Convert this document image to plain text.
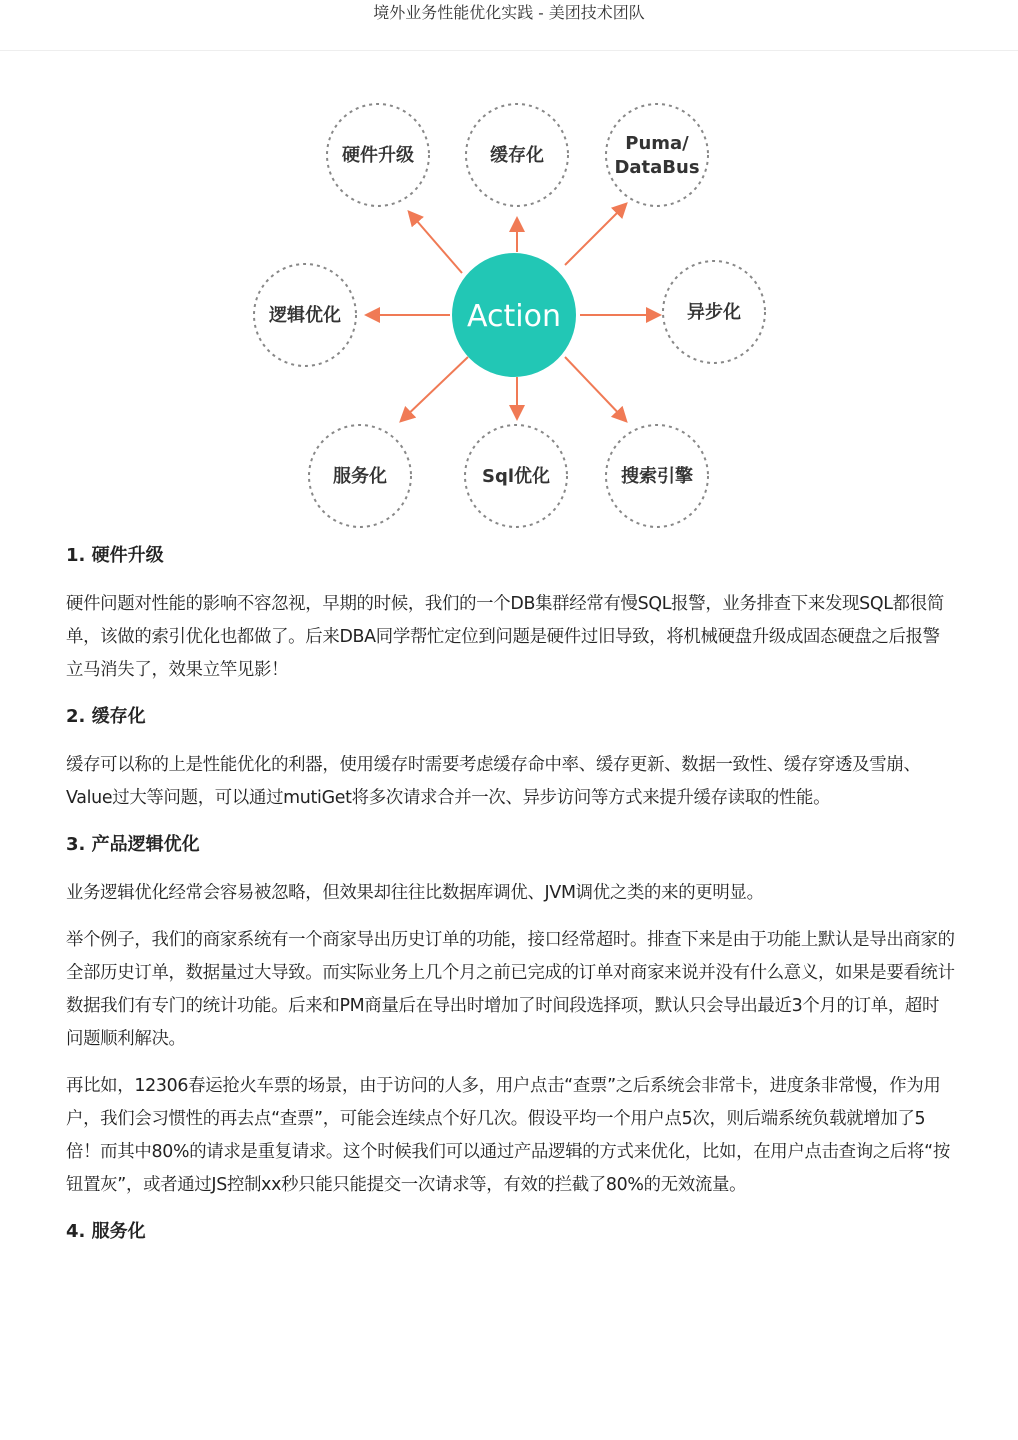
境外业务性能优化实践 - 美团技术团队
Action
硬件升级	缓存化
Puma/
DataBus
逻辑优化	异步化
服务化	Sql优化	搜索引擎
1. 硬件升级

硬件问题对性能的影响不容忽视，早期的时候，我们的一个DB集群经常有慢SQL报警，业务排查下来发现SQL都很简单，该做的索引优化也都做了。后来DBA同学帮忙定位到问题是硬件过旧导致，将机械硬盘升级成固态硬盘之后报警立马消失了，效果立竿见影！

2. 缓存化

缓存可以称的上是性能优化的利器，使用缓存时需要考虑缓存命中率、缓存更新、数据一致性、缓存穿透及雪崩、Value过大等问题，可以通过mutiGet将多次请求合并一次、异步访问等方式来提升缓存读取的性能。

3. 产品逻辑优化

业务逻辑优化经常会容易被忽略，但效果却往往比数据库调优、JVM调优之类的来的更明显。

举个例子，我们的商家系统有一个商家导出历史订单的功能，接口经常超时。排查下来是由于功能上默认是导出商家的全部历史订单，数据量过大导致。而实际业务上几个月之前已完成的订单对商家来说并没有什么意义，如果是要看统计数据我们有专门的统计功能。后来和PM商量后在导出时增加了时间段选择项，默认只会导出最近3个月的订单，超时问题顺利解决。

再比如，12306春运抢火车票的场景，由于访问的人多，用户点击“查票”之后系统会非常卡，进度条非常慢，作为用户，我们会习惯性的再去点“查票”，可能会连续点个好几次。假设平均一个用户点5次，则后端系统负载就增加了5倍！而其中80%的请求是重复请求。这个时候我们可以通过产品逻辑的方式来优化，比如，在用户点击查询之后将“按钮置灰”，或者通过JS控制xx秒只能只能提交一次请求等，有效的拦截了80%的无效流量。

4. 服务化
